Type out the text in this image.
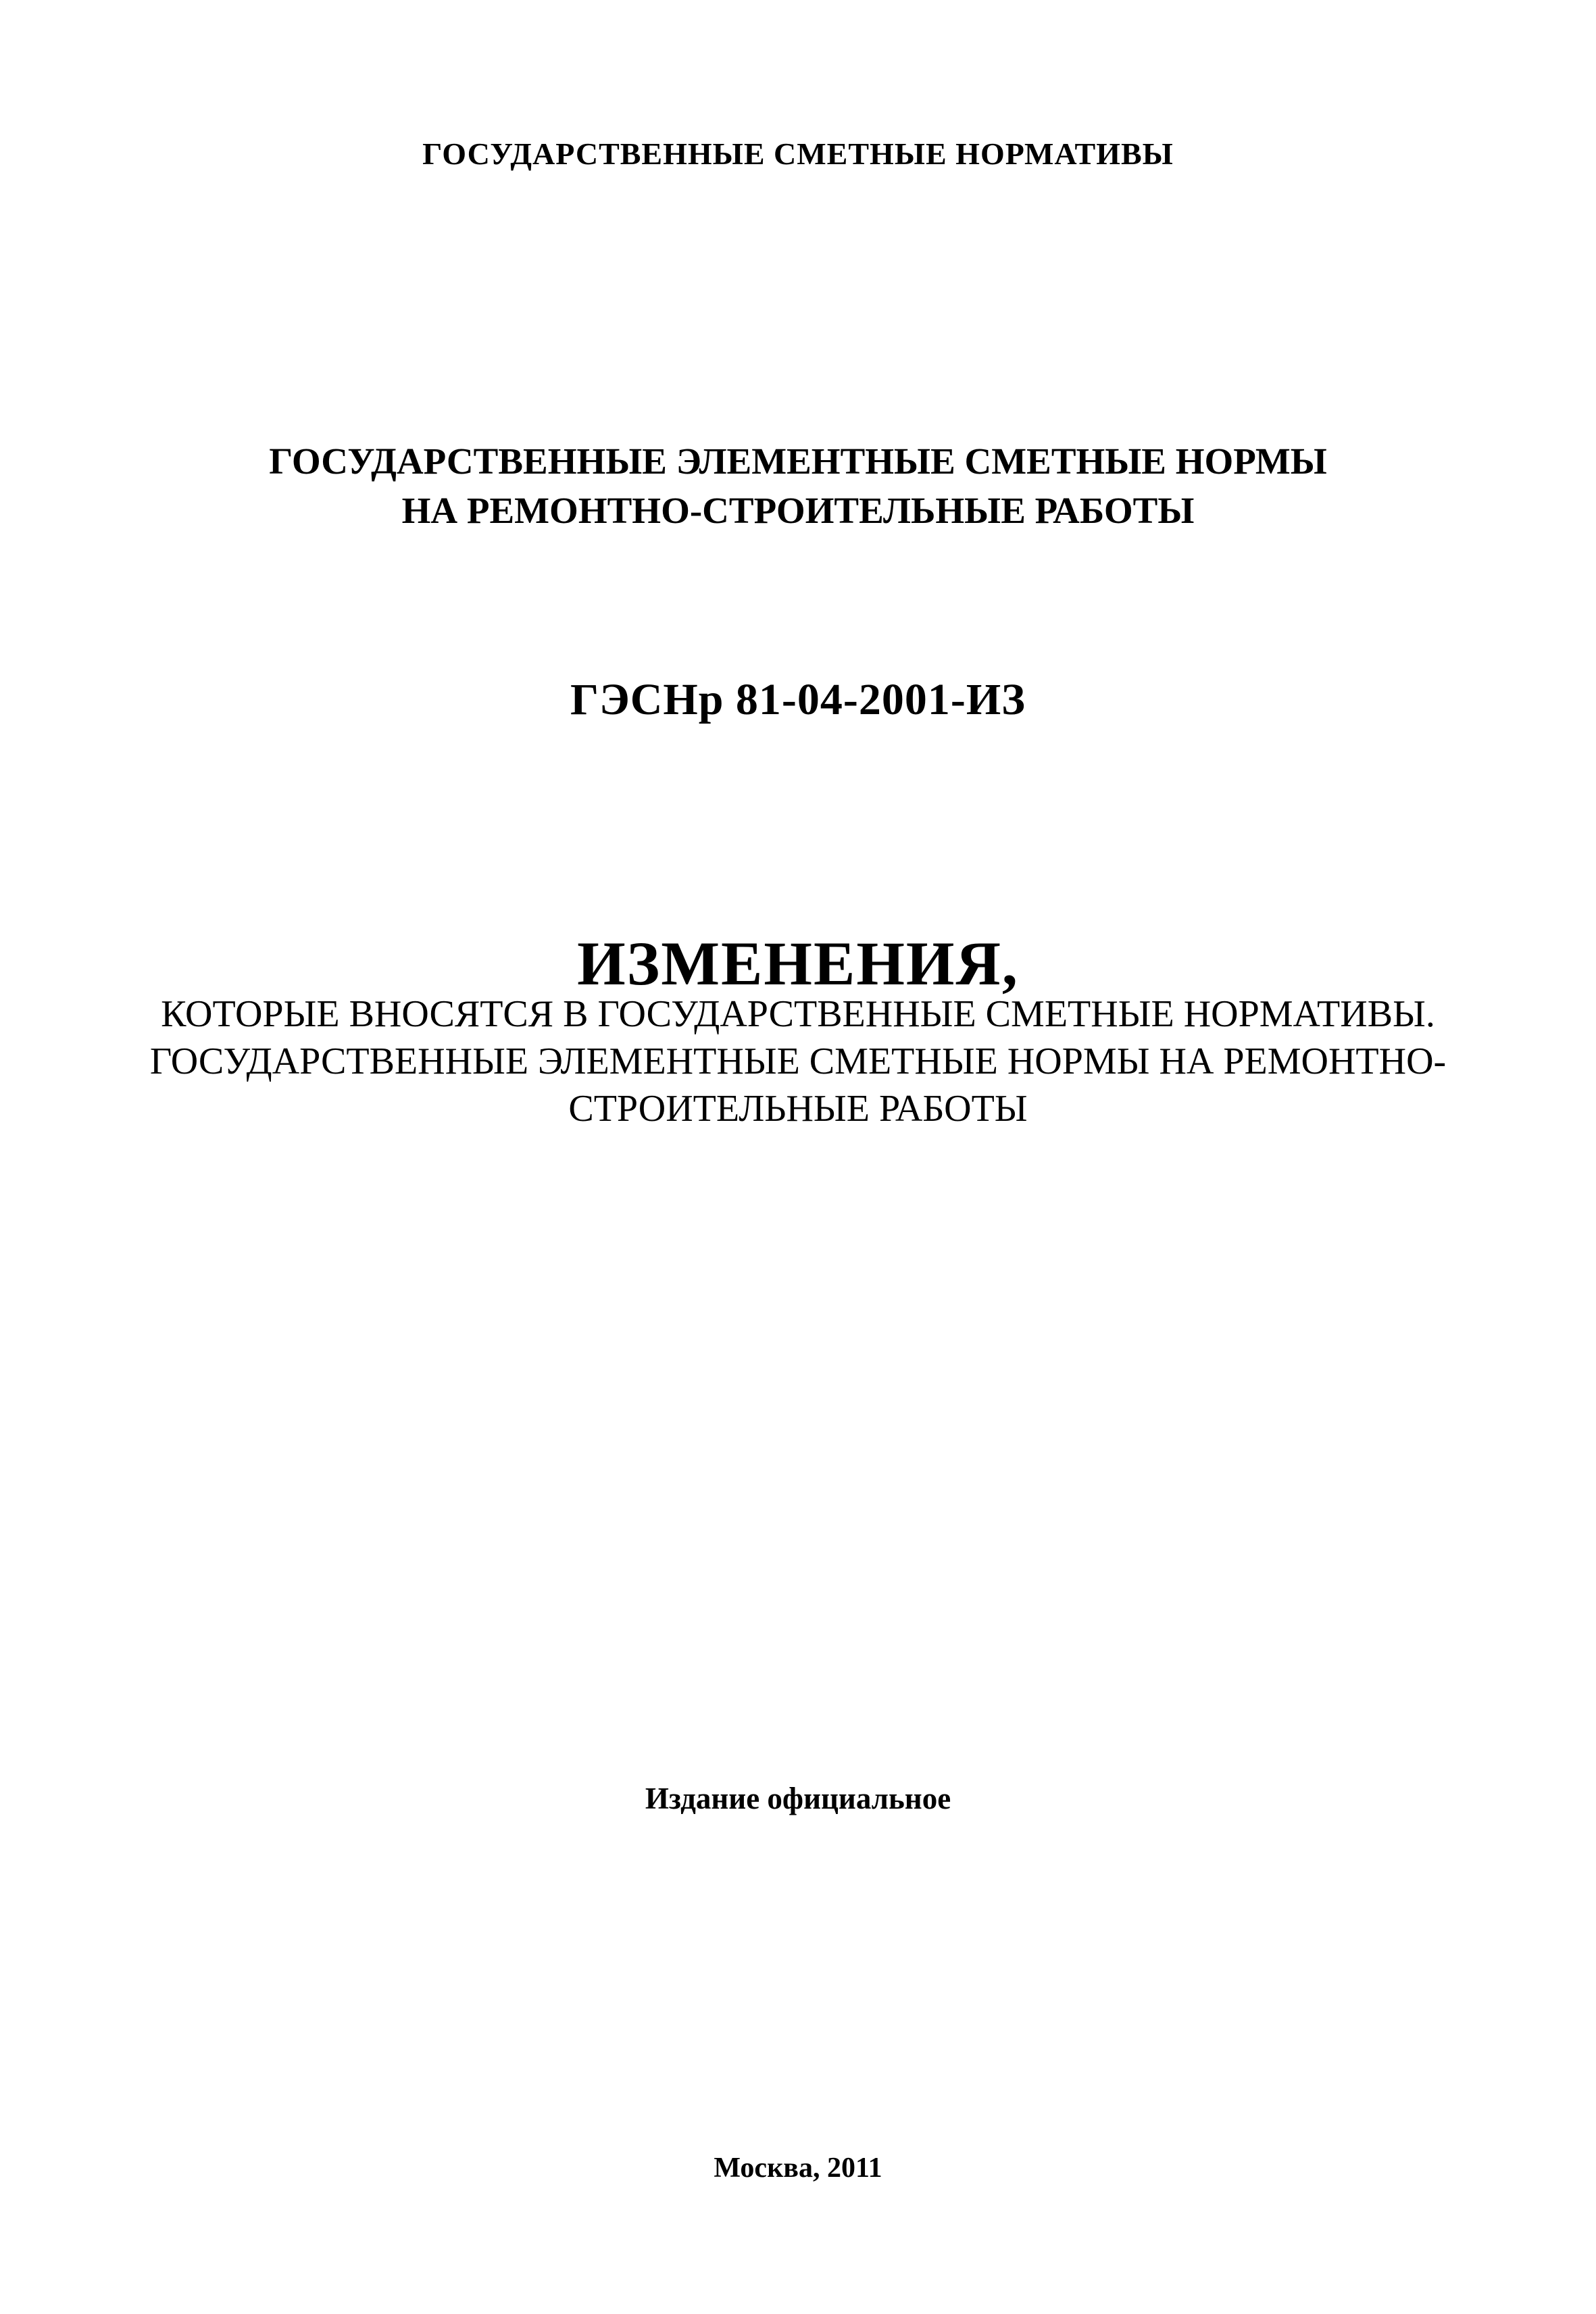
ГОСУДАРСТВЕННЫЕ СМЕТНЫЕ НОРМАТИВЫ
ГОСУДАРСТВЕННЫЕ ЭЛЕМЕНТНЫЕ СМЕТНЫЕ НОРМЫ
НА РЕМОНТНО-СТРОИТЕЛЬНЫЕ РАБОТЫ
ГЭСНр 81-04-2001-ИЗ
ИЗМЕНЕНИЯ,
КОТОРЫЕ ВНОСЯТСЯ В ГОСУДАРСТВЕННЫЕ СМЕТНЫЕ НОРМАТИВЫ.
ГОСУДАРСТВЕННЫЕ ЭЛЕМЕНТНЫЕ СМЕТНЫЕ НОРМЫ НА РЕМОНТНО-
СТРОИТЕЛЬНЫЕ РАБОТЫ
Издание официальное
Москва, 2011
